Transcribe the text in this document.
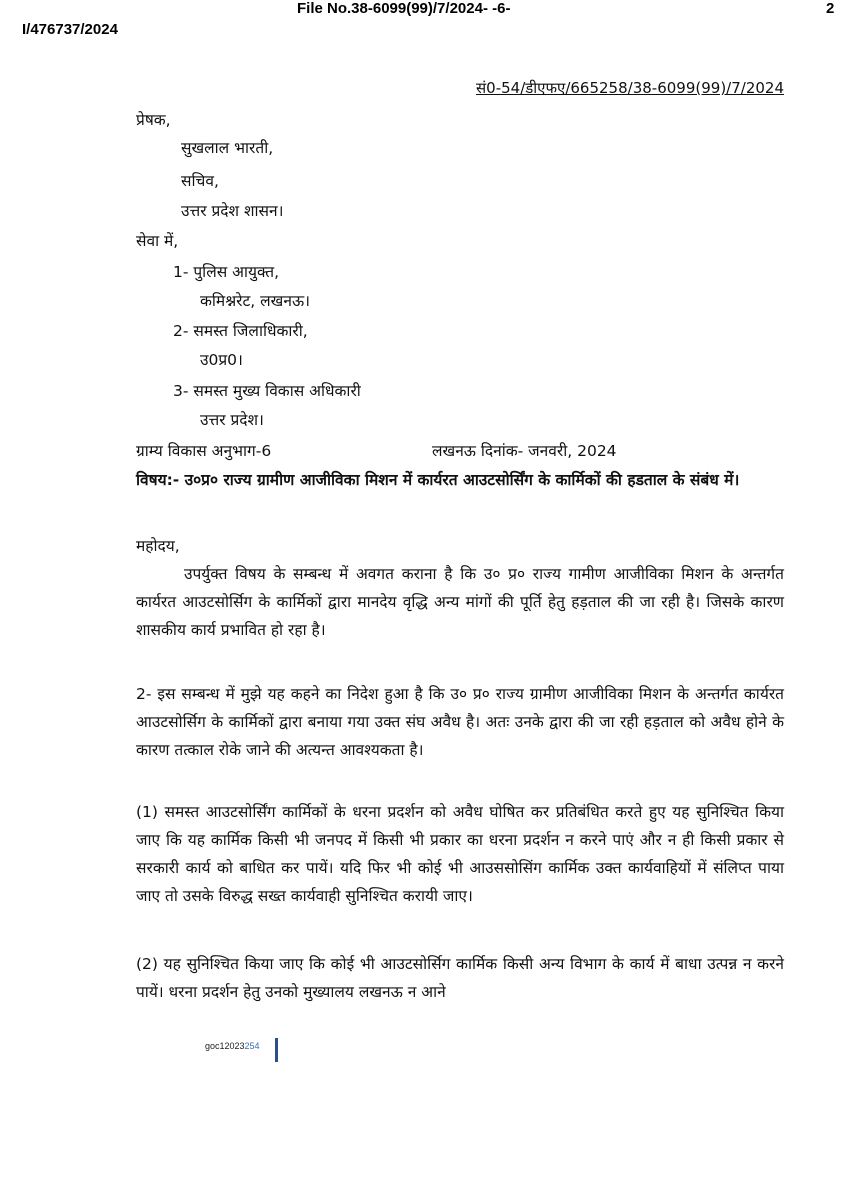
File No.38-6099(99)/7/2024- -6-	2
I/476737/2024
सं0-54/डीएफए/665258/38-6099(99)/7/2024
प्रेषक,
सुखलाल भारती,
सचिव,
उत्तर प्रदेश शासन।
सेवा में,
1- पुलिस आयुक्त,
कमिश्नरेट, लखनऊ।
2- समस्त जिलाधिकारी,
उ0प्र0।
3- समस्त मुख्य विकास अधिकारी
उत्तर प्रदेश।
ग्राम्य विकास अनुभाग-6	लखनऊ दिनांक- जनवरी, 2024
विषय:- उ०प्र० राज्य ग्रामीण आजीविका मिशन में कार्यरत आउटसोर्सिंग के कार्मिकों की हडताल के संबंध में।
महोदय,
उपर्युक्त विषय के सम्बन्ध में अवगत कराना है कि उ० प्र० राज्य गामीण आजीविका मिशन के अन्तर्गत कार्यरत आउटसोर्सिग के कार्मिकों द्वारा मानदेय वृद्धि अन्य मांगों की पूर्ति हेतु हड़ताल की जा रही है। जिसके कारण शासकीय कार्य प्रभावित हो रहा है।
2- इस सम्बन्ध में मुझे यह कहने का निदेश हुआ है कि उ० प्र० राज्य ग्रामीण आजीविका मिशन के अन्तर्गत कार्यरत आउटसोर्सिग के कार्मिकों द्वारा बनाया गया उक्त संघ अवैध है। अतः उनके द्वारा की जा रही हड़ताल को अवैध होने के कारण तत्काल रोके जाने की अत्यन्त आवश्यकता है।
(1) समस्त आउटसोर्सिंग कार्मिकों के धरना प्रदर्शन को अवैध घोषित कर प्रतिबंधित करते हुए यह सुनिश्चित किया जाए कि यह कार्मिक किसी भी जनपद में किसी भी प्रकार का धरना प्रदर्शन न करने पाएं और न ही किसी प्रकार से सरकारी कार्य को बाधित कर पायें। यदि फिर भी कोई भी आउससोसिंग कार्मिक उक्त कार्यवाहियों में संलिप्त पाया जाए तो उसके विरुद्ध सख्त कार्यवाही सुनिश्चित करायी जाए।
(2) यह सुनिश्चित किया जाए कि कोई भी आउटसोर्सिग कार्मिक किसी अन्य विभाग के कार्य में बाधा उत्पन्न न करने पायें। धरना प्रदर्शन हेतु उनको मुख्यालय लखनऊ न आने
goc12023254
